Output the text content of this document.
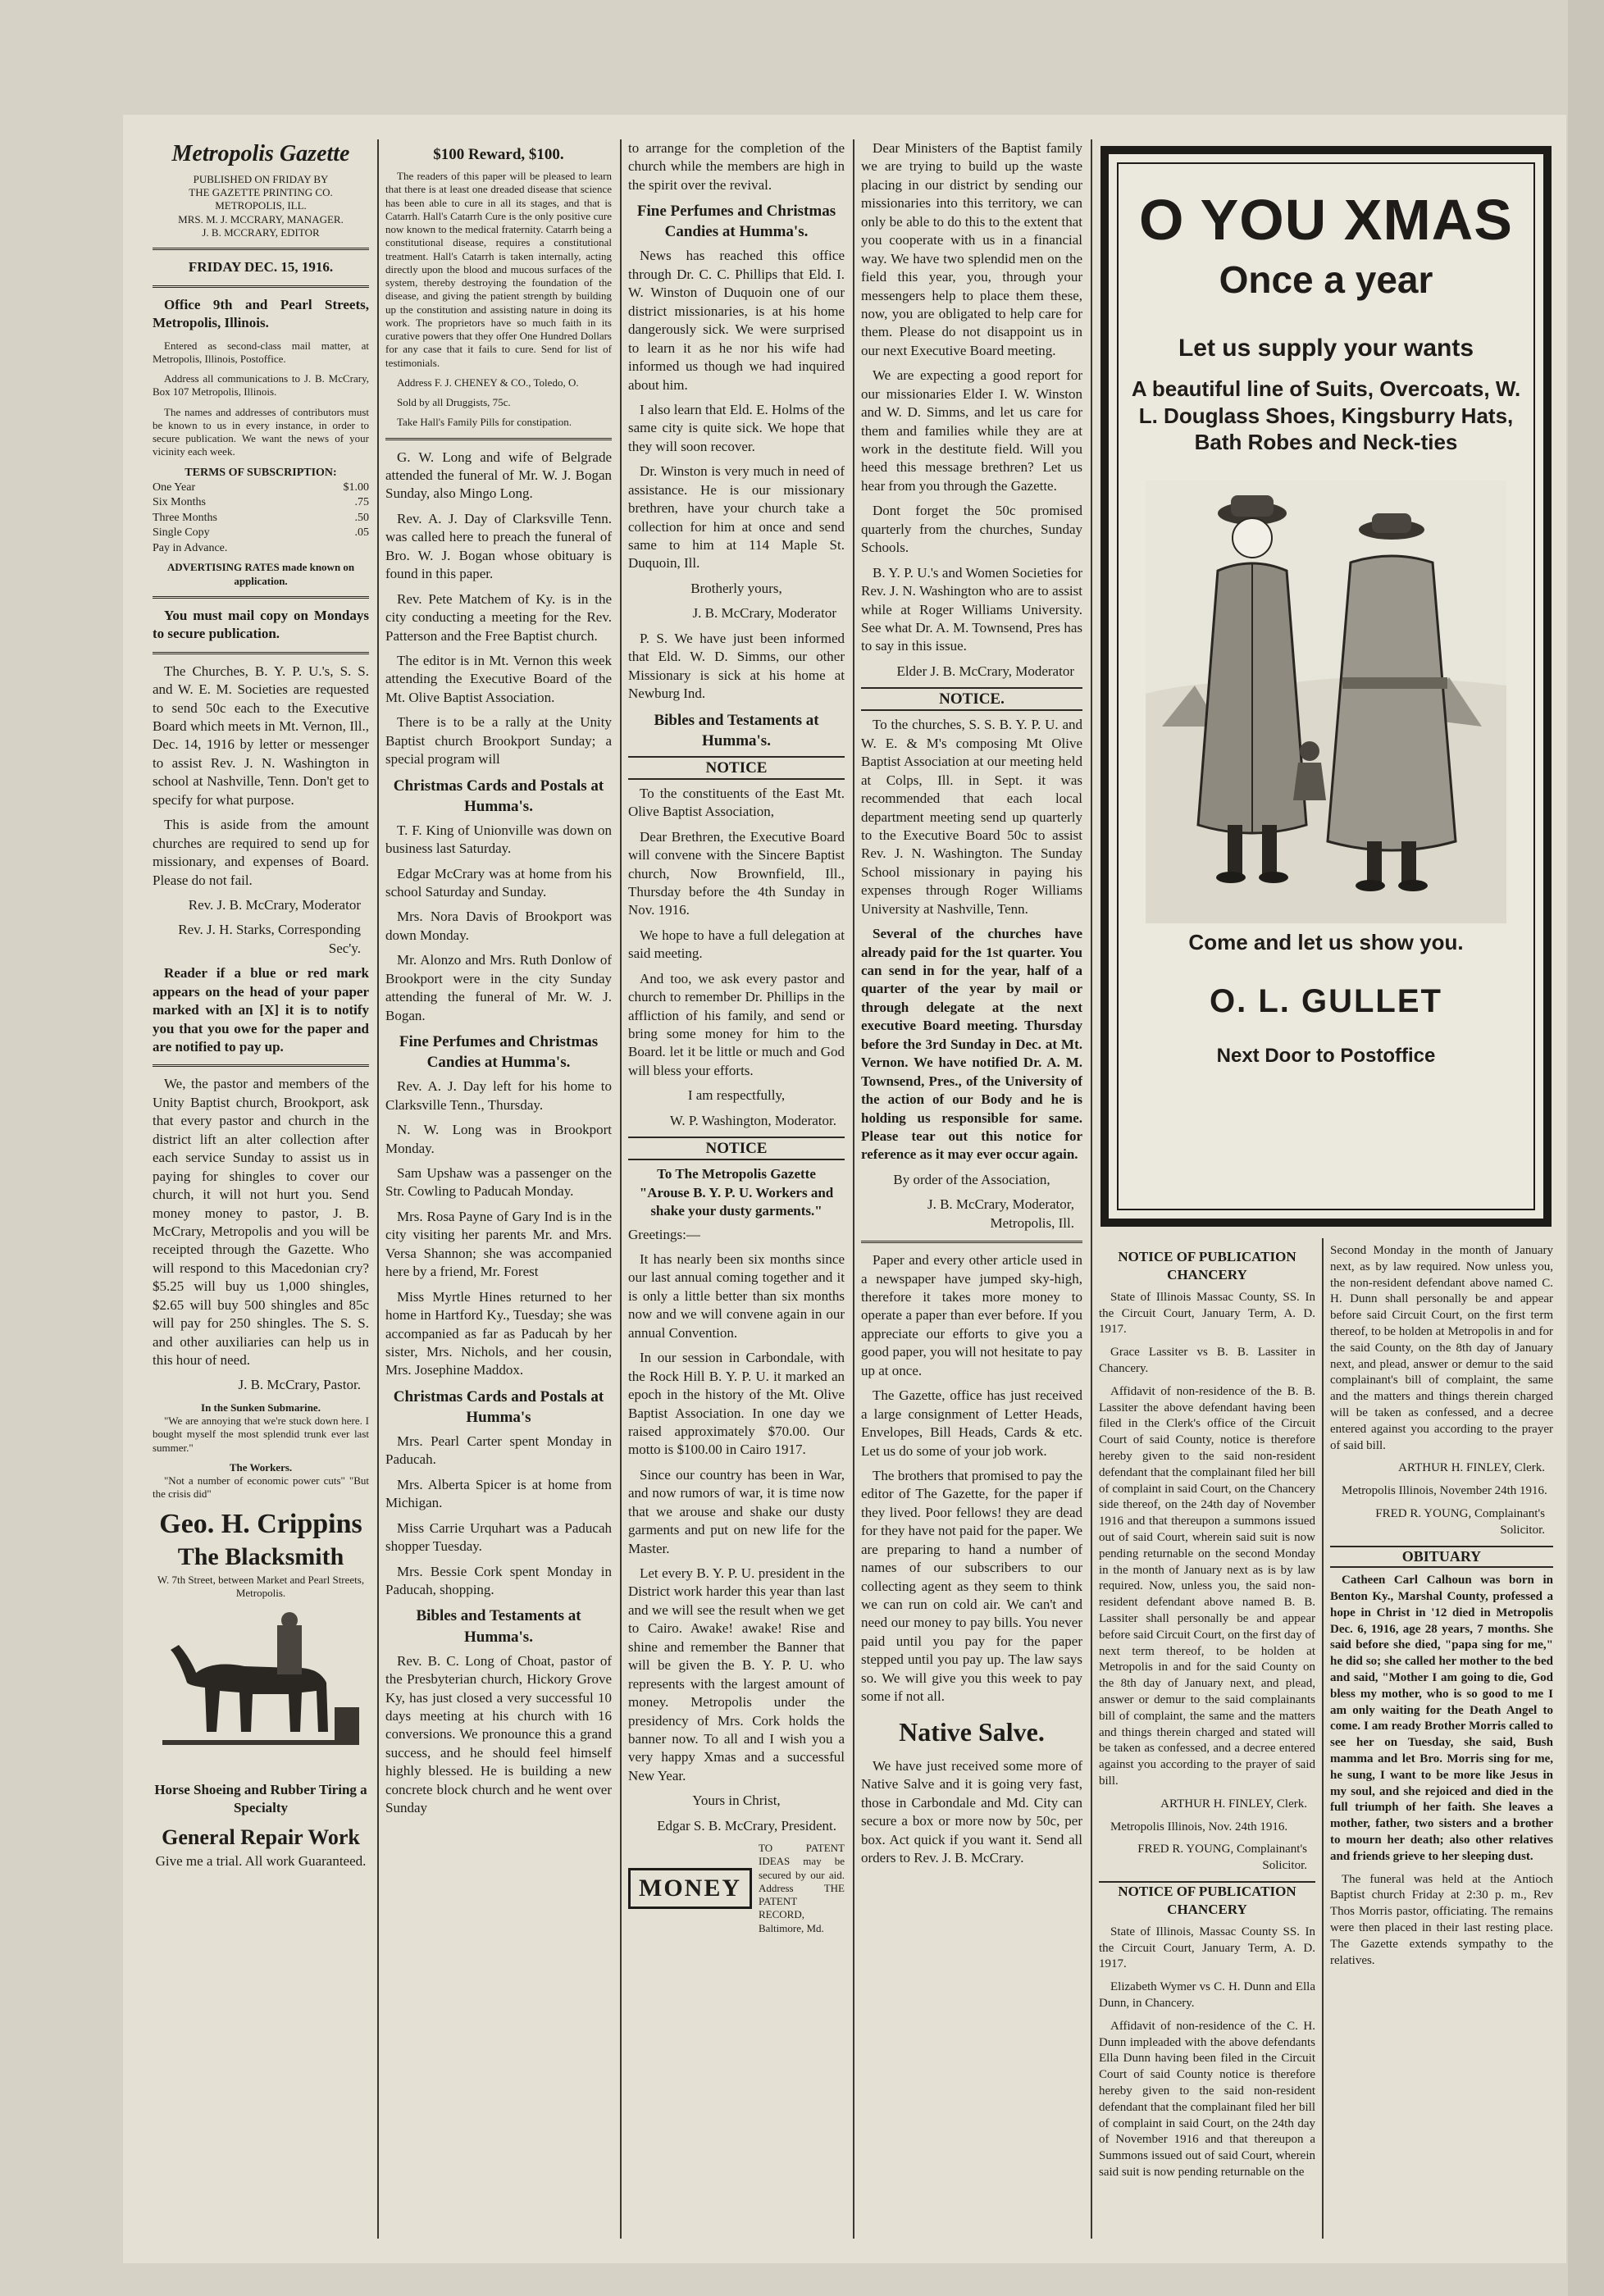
Metropolis Gazette
PUBLISHED ON FRIDAY BY
THE GAZETTE PRINTING CO.
METROPOLIS, ILL.
MRS. M. J. MCCRARY, MANAGER.
J. B. MCCRARY, EDITOR
FRIDAY DEC. 15, 1916.

Office 9th and Pearl Streets, Metropolis, Illinois.

Entered as second-class mail matter, at Metropolis, Illinois, Postoffice.

Address all communications to J. B. McCrary, Box 107 Metropolis, Illinois.

The names and addresses of contributors must be known to us in every instance, in order to secure publication. We want the news of your vicinity each week.

TERMS OF SUBSCRIPTION:
One Year	$1.00
Six Months	.75
Three Months	.50
Single Copy	.05
Pay in Advance.

ADVERTISING RATES made known on application.

You must mail copy on Mondays to secure publication.

The Churches, B. Y. P. U.'s, S. S. and W. E. M. Societies are requested to send 50c each to the Executive Board which meets in Mt. Vernon, Ill., Dec. 14, 1916 by letter or messenger to assist Rev. J. N. Washington in school at Nashville, Tenn. Don't get to specify for what purpose.

This is aside from the amount churches are required to send up for missionary, and expenses of Board. Please do not fail.

Rev. J. B. McCrary, Moderator

Rev. J. H. Starks, Corresponding Sec'y.

Reader if a blue or red mark appears on the head of your paper marked with an [X] it is to notify you that you owe for the paper and are notified to pay up.

We, the pastor and members of the Unity Baptist church, Brookport, ask that every pastor and church in the district lift an alter collection after each service Sunday to assist us in paying for shingles to cover our church, it will not hurt you. Send money money to pastor, J. B. McCrary, Metropolis and you will be receipted through the Gazette. Who will respond to this Macedonian cry? $5.25 will buy us 1,000 shingles, $2.65 will buy 500 shingles and 85c will pay for 250 shingles. The S. S. and other auxiliaries can help us in this hour of need.

J. B. McCrary, Pastor.

In the Sunken Submarine.

"We are annoying that we're stuck down here. I bought myself the most splendid trunk ever last summer."

The Workers.

"Not a number of economic power cuts" "But the crisis did"

Geo. H. Crippins
The Blacksmith

W. 7th Street, between Market and Pearl Streets, Metropolis.

Horse Shoeing and Rubber Tiring a Specialty

General Repair Work

Give me a trial. All work Guaranteed.

$100 Reward, $100.

The readers of this paper will be pleased to learn that there is at least one dreaded disease that science has been able to cure in all its stages, and that is Catarrh. Hall's Catarrh Cure is the only positive cure now known to the medical fraternity. Catarrh being a constitutional disease, requires a constitutional treatment. Hall's Catarrh is taken internally, acting directly upon the blood and mucous surfaces of the system, thereby destroying the foundation of the disease, and giving the patient strength by building up the constitution and assisting nature in doing its work. The proprietors have so much faith in its curative powers that they offer One Hundred Dollars for any case that it fails to cure. Send for list of testimonials.

Address F. J. CHENEY & CO., Toledo, O.

Sold by all Druggists, 75c.

Take Hall's Family Pills for constipation.

G. W. Long and wife of Belgrade attended the funeral of Mr. W. J. Bogan Sunday, also Mingo Long.

Rev. A. J. Day of Clarksville Tenn. was called here to preach the funeral of Bro. W. J. Bogan whose obituary is found in this paper.

Rev. Pete Matchem of Ky. is in the city conducting a meeting for the Rev. Patterson and the Free Baptist church.

The editor is in Mt. Vernon this week attending the Executive Board of the Mt. Olive Baptist Association.

There is to be a rally at the Unity Baptist church Brookport Sunday; a special program will

Christmas Cards and Postals at Humma's.

T. F. King of Unionville was down on business last Saturday.

Edgar McCrary was at home from his school Saturday and Sunday.

Mrs. Nora Davis of Brookport was down Monday.

Mr. Alonzo and Mrs. Ruth Donlow of Brookport were in the city Sunday attending the funeral of Mr. W. J. Bogan.

Fine Perfumes and Christmas Candies at Humma's.

Rev. A. J. Day left for his home to Clarksville Tenn., Thursday.

N. W. Long was in Brookport Monday.

Sam Upshaw was a passenger on the Str. Cowling to Paducah Monday.

Mrs. Rosa Payne of Gary Ind is in the city visiting her parents Mr. and Mrs. Versa Shannon; she was accompanied here by a friend, Mr. Forest

Miss Myrtle Hines returned to her home in Hartford Ky., Tuesday; she was accompanied as far as Paducah by her sister, Mrs. Nichols, and her cousin, Mrs. Josephine Maddox.

Christmas Cards and Postals at Humma's

Mrs. Pearl Carter spent Monday in Paducah.

Mrs. Alberta Spicer is at home from Michigan.

Miss Carrie Urquhart was a Paducah shopper Tuesday.

Mrs. Bessie Cork spent Monday in Paducah, shopping.

Bibles and Testaments at Humma's.

Rev. B. C. Long of Choat, pastor of the Presbyterian church, Hickory Grove Ky, has just closed a very successful 10 days meeting at his church with 16 conversions. We pronounce this a grand success, and he should feel himself highly blessed. He is building a new concrete block church and he went over Sunday

to arrange for the completion of the church while the members are high in the spirit over the revival.

Fine Perfumes and Christmas Candies at Humma's.

News has reached this office through Dr. C. C. Phillips that Eld. I. W. Winston of Duquoin one of our district missionaries, is at his home dangerously sick. We were surprised to learn it as he nor his wife had informed us though we had inquired about him.

I also learn that Eld. E. Holms of the same city is quite sick. We hope that they will soon recover.

Dr. Winston is very much in need of assistance. He is our missionary brethren, have your church take a collection for him at once and send same to him at 114 Maple St. Duquoin, Ill.

Brotherly yours,

J. B. McCrary, Moderator

P. S. We have just been informed that Eld. W. D. Simms, our other Missionary is sick at his home at Newburg Ind.

Bibles and Testaments at Humma's.
NOTICE

To the constituents of the East Mt. Olive Baptist Association,

Dear Brethren, the Executive Board will convene with the Sincere Baptist church, Now Brownfield, Ill., Thursday before the 4th Sunday in Nov. 1916.

We hope to have a full delegation at said meeting.

And too, we ask every pastor and church to remember Dr. Phillips in the affliction of his family, and send or bring some money for him to the Board. let it be little or much and God will bless your efforts.

I am respectfully,

W. P. Washington, Moderator.

NOTICE
To The Metropolis Gazette
"Arouse B. Y. P. U. Workers and shake your dusty garments."

Greetings:—

It has nearly been six months since our last annual coming together and it is only a little better than six months now and we will convene again in our annual Convention.

In our session in Carbondale, with the Rock Hill B. Y. P. U. it marked an epoch in the history of the Mt. Olive Baptist Association. In one day we raised approximately $70.00. Our motto is $100.00 in Cairo 1917.

Since our country has been in War, and now rumors of war, it is time now that we arouse and shake our dusty garments and put on new life for the Master.

Let every B. Y. P. U. president in the District work harder this year than last and we will see the result when we get to Cairo. Awake! awake! Rise and shine and remember the Banner that will be given the B. Y. P. U. who represents with the largest amount of money. Metropolis under the presidency of Mrs. Cork holds the banner now. To all and I wish you a very happy Xmas and a successful New Year.

Yours in Christ,

Edgar S. B. McCrary, President.

MONEY
TO PATENT IDEAS may be secured by our aid. Address THE PATENT RECORD, Baltimore, Md.

Dear Ministers of the Baptist family we are trying to build up the waste placing in our district by sending our missionaries into this territory, we can only be able to do this to the extent that you cooperate with us in a financial way. We have two splendid men on the field this year, you, through your messengers help to place them these, now, you are obligated to help care for them. Please do not disappoint us in our next Executive Board meeting.

We are expecting a good report for our missionaries Elder I. W. Winston and W. D. Simms, and let us care for them and families while they are at work in the destitute field. Will you heed this message brethren? Let us hear from you through the Gazette.

Dont forget the 50c promised quarterly from the churches, Sunday Schools.

B. Y. P. U.'s and Women Societies for Rev. J. N. Washington who are to assist while at Roger Williams University. See what Dr. A. M. Townsend, Pres has to say in this issue.

Elder J. B. McCrary, Moderator

NOTICE.

To the churches, S. S. B. Y. P. U. and W. E. & M's composing Mt Olive Baptist Association at our meeting held at Colps, Ill. in Sept. it was recommended that each local department meeting send up quarterly to the Executive Board 50c to assist Rev. J. N. Washington. The Sunday School missionary in paying his expenses through Roger Williams University at Nashville, Tenn.

Several of the churches have already paid for the 1st quarter. You can send in for the year, half of a quarter of the year by mail or through delegate at the next executive Board meeting. Thursday before the 3rd Sunday in Dec. at Mt. Vernon. We have notified Dr. A. M. Townsend, Pres., of the University of the action of our Body and he is holding us responsible for same. Please tear out this notice for reference as it may ever occur again.

By order of the Association,

J. B. McCrary, Moderator, Metropolis, Ill.

Paper and every other article used in a newspaper have jumped sky-high, therefore it takes more money to operate a paper than ever before. If you appreciate our efforts to give you a good paper, you will not hesitate to pay up at once.

The Gazette, office has just received a large consignment of Letter Heads, Envelopes, Bill Heads, Cards & etc. Let us do some of your job work.

The brothers that promised to pay the editor of The Gazette, for the paper if they lived. Poor fellows! they are dead for they have not paid for the paper. We are preparing to hand a number of names of our subscribers to our collecting agent as they seem to think we can run on cold air. We can't and need our money to pay bills. You never paid until you pay for the paper stepped until you pay up. The law says so. We will give you this week to pay some if not all.

Native Salve.

We have just received some more of Native Salve and it is going very fast, those in Carbondale and Md. City can secure a box or more now by 50c, per box. Act quick if you want it. Send all orders to Rev. J. B. McCrary.

O YOU XMAS
Once a year
Let us supply your wants
A beautiful line of Suits, Overcoats, W. L. Douglass Shoes, Kingsburry Hats, Bath Robes and Neck-ties
Come and let us show you.
O. L. GULLET
Next Door to Postoffice
NOTICE OF PUBLICATION CHANCERY

State of Illinois Massac County, SS. In the Circuit Court, January Term, A. D. 1917.

Grace Lassiter vs B. B. Lassiter in Chancery.

Affidavit of non-residence of the B. B. Lassiter the above defendant having been filed in the Clerk's office of the Circuit Court of said County, notice is therefore hereby given to the said non-resident defendant that the complainant filed her bill of complaint in said Court, on the Chancery side thereof, on the 24th day of November 1916 and that thereupon a summons issued out of said Court, wherein said suit is now pending returnable on the second Monday in the month of January next as is by law required. Now, unless you, the said non-resident defendant above named B. B. Lassiter shall personally be and appear before said Circuit Court, on the first day of next term thereof, to be holden at Metropolis in and for the said County on the 8th day of January next, and plead, answer or demur to the said complainants bill of complaint, the same and the matters and things therein charged and stated will be taken as confessed, and a decree entered against you according to the prayer of said bill.

ARTHUR H. FINLEY, Clerk.

Metropolis Illinois, Nov. 24th 1916.

FRED R. YOUNG, Complainant's Solicitor.

NOTICE OF PUBLICATION CHANCERY

State of Illinois, Massac County SS. In the Circuit Court, January Term, A. D. 1917.

Elizabeth Wymer vs C. H. Dunn and Ella Dunn, in Chancery.

Affidavit of non-residence of the C. H. Dunn impleaded with the above defendants Ella Dunn having been filed in the Circuit Court of said County notice is therefore hereby given to the said non-resident defendant that the complainant filed her bill of complaint in said Court, on the 24th day of November 1916 and that thereupon a Summons issued out of said Court, wherein said suit is now pending returnable on the

Second Monday in the month of January next, as by law required. Now unless you, the non-resident defendant above named C. H. Dunn shall personally be and appear before said Circuit Court, on the first term thereof, to be holden at Metropolis in and for the said County, on the 8th day of January next, and plead, answer or demur to the said complainant's bill of complaint, the same and the matters and things therein charged will be taken as confessed, and a decree entered against you according to the prayer of said bill.

ARTHUR H. FINLEY, Clerk.

Metropolis Illinois, November 24th 1916.

FRED R. YOUNG, Complainant's Solicitor.

OBITUARY

Catheen Carl Calhoun was born in Benton Ky., Marshal County, professed a hope in Christ in '12 died in Metropolis Dec. 6, 1916, age 28 years, 7 months. She said before she died, "papa sing for me," he did so; she called her mother to the bed and said, "Mother I am going to die, God bless my mother, who is so good to me I am only waiting for the Death Angel to come. I am ready Brother Morris called to see her on Tuesday, she said, Bush mamma and let Bro. Morris sing for me, he sung, I want to be more like Jesus in my soul, and she rejoiced and died in the full triumph of her faith. She leaves a mother, father, two sisters and a brother to mourn her death; also other relatives and friends grieve to her sleeping dust.

The funeral was held at the Antioch Baptist church Friday at 2:30 p. m., Rev Thos Morris pastor, officiating. The remains were then placed in their last resting place. The Gazette extends sympathy to the relatives.
